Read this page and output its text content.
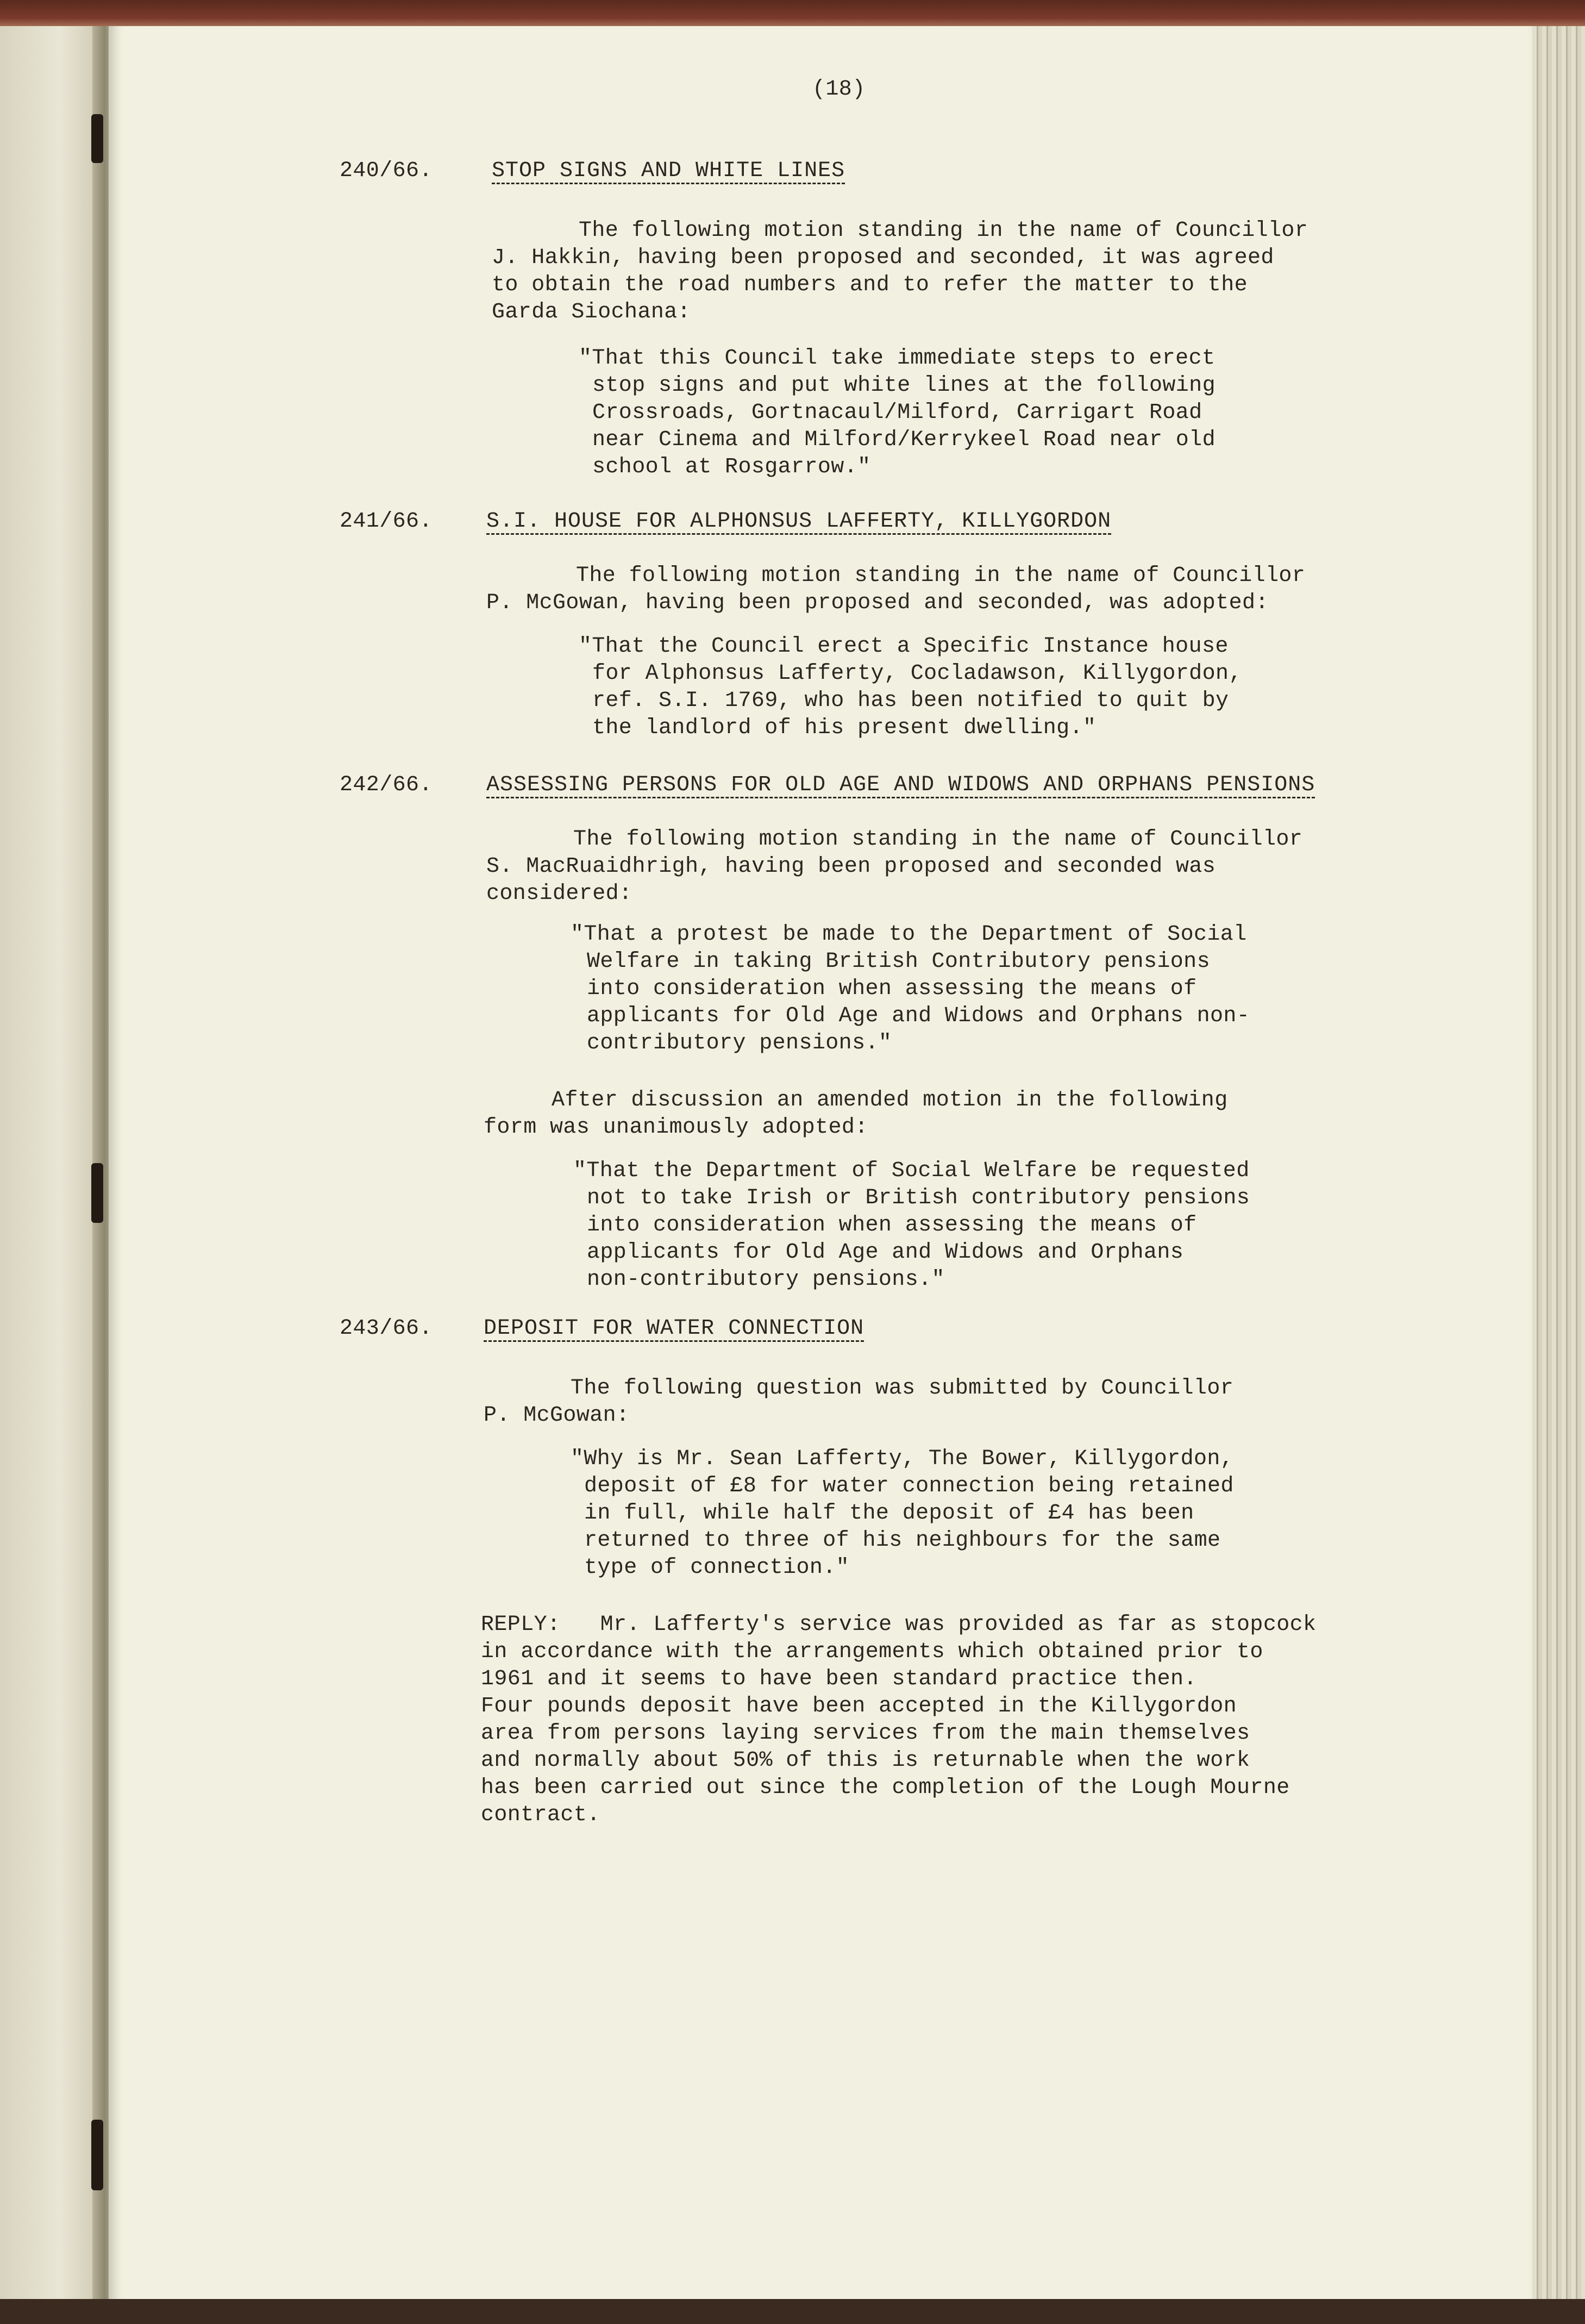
(18)
240/66.	STOP SIGNS AND WHITE LINES
The following motion standing in the name of Councillor
J. Hakkin, having been proposed and seconded, it was agreed
to obtain the road numbers and to refer the matter to the
Garda Siochana:
"That this Council take immediate steps to erect
stop signs and put white lines at the following
Crossroads, Gortnacaul/Milford, Carrigart Road
near Cinema and Milford/Kerrykeel Road near old
school at Rosgarrow."
241/66. S.I. HOUSE FOR ALPHONSUS LAFFERTY, KILLYGORDON
The following motion standing in the name of Councillor
P. McGowan, having been proposed and seconded, was adopted:
"That the Council erect a Specific Instance house
for Alphonsus Lafferty, Cocladawson, Killygordon,
ref. S.I. 1769, who has been notified to quit by
the landlord of his present dwelling."
242/66. ASSESSING PERSONS FOR OLD AGE AND WIDOWS AND ORPHANS PENSIONS
The following motion standing in the name of Councillor
S. MacRuaidhrigh, having been proposed and seconded was
considered:
"That a protest be made to the Department of Social
Welfare in taking British Contributory pensions
into consideration when assessing the means of
applicants for Old Age and Widows and Orphans non-
contributory pensions."
After discussion an amended motion in the following
form was unanimously adopted:
"That the Department of Social Welfare be requested
not to take Irish or British contributory pensions
into consideration when assessing the means of
applicants for Old Age and Widows and Orphans
non-contributory pensions."
243/66. DEPOSIT FOR WATER CONNECTION
The following question was submitted by Councillor
P. McGowan:
"Why is Mr. Sean Lafferty, The Bower, Killygordon,
deposit of £8 for water connection being retained
in full, while half the deposit of £4 has been
returned to three of his neighbours for the same
type of connection."
REPLY:   Mr. Lafferty's service was provided as far as stopcock
in accordance with the arrangements which obtained prior to
1961 and it seems to have been standard practice then.
Four pounds deposit have been accepted in the Killygordon
area from persons laying services from the main themselves
and normally about 50% of this is returnable when the work
has been carried out since the completion of the Lough Mourne
contract.
